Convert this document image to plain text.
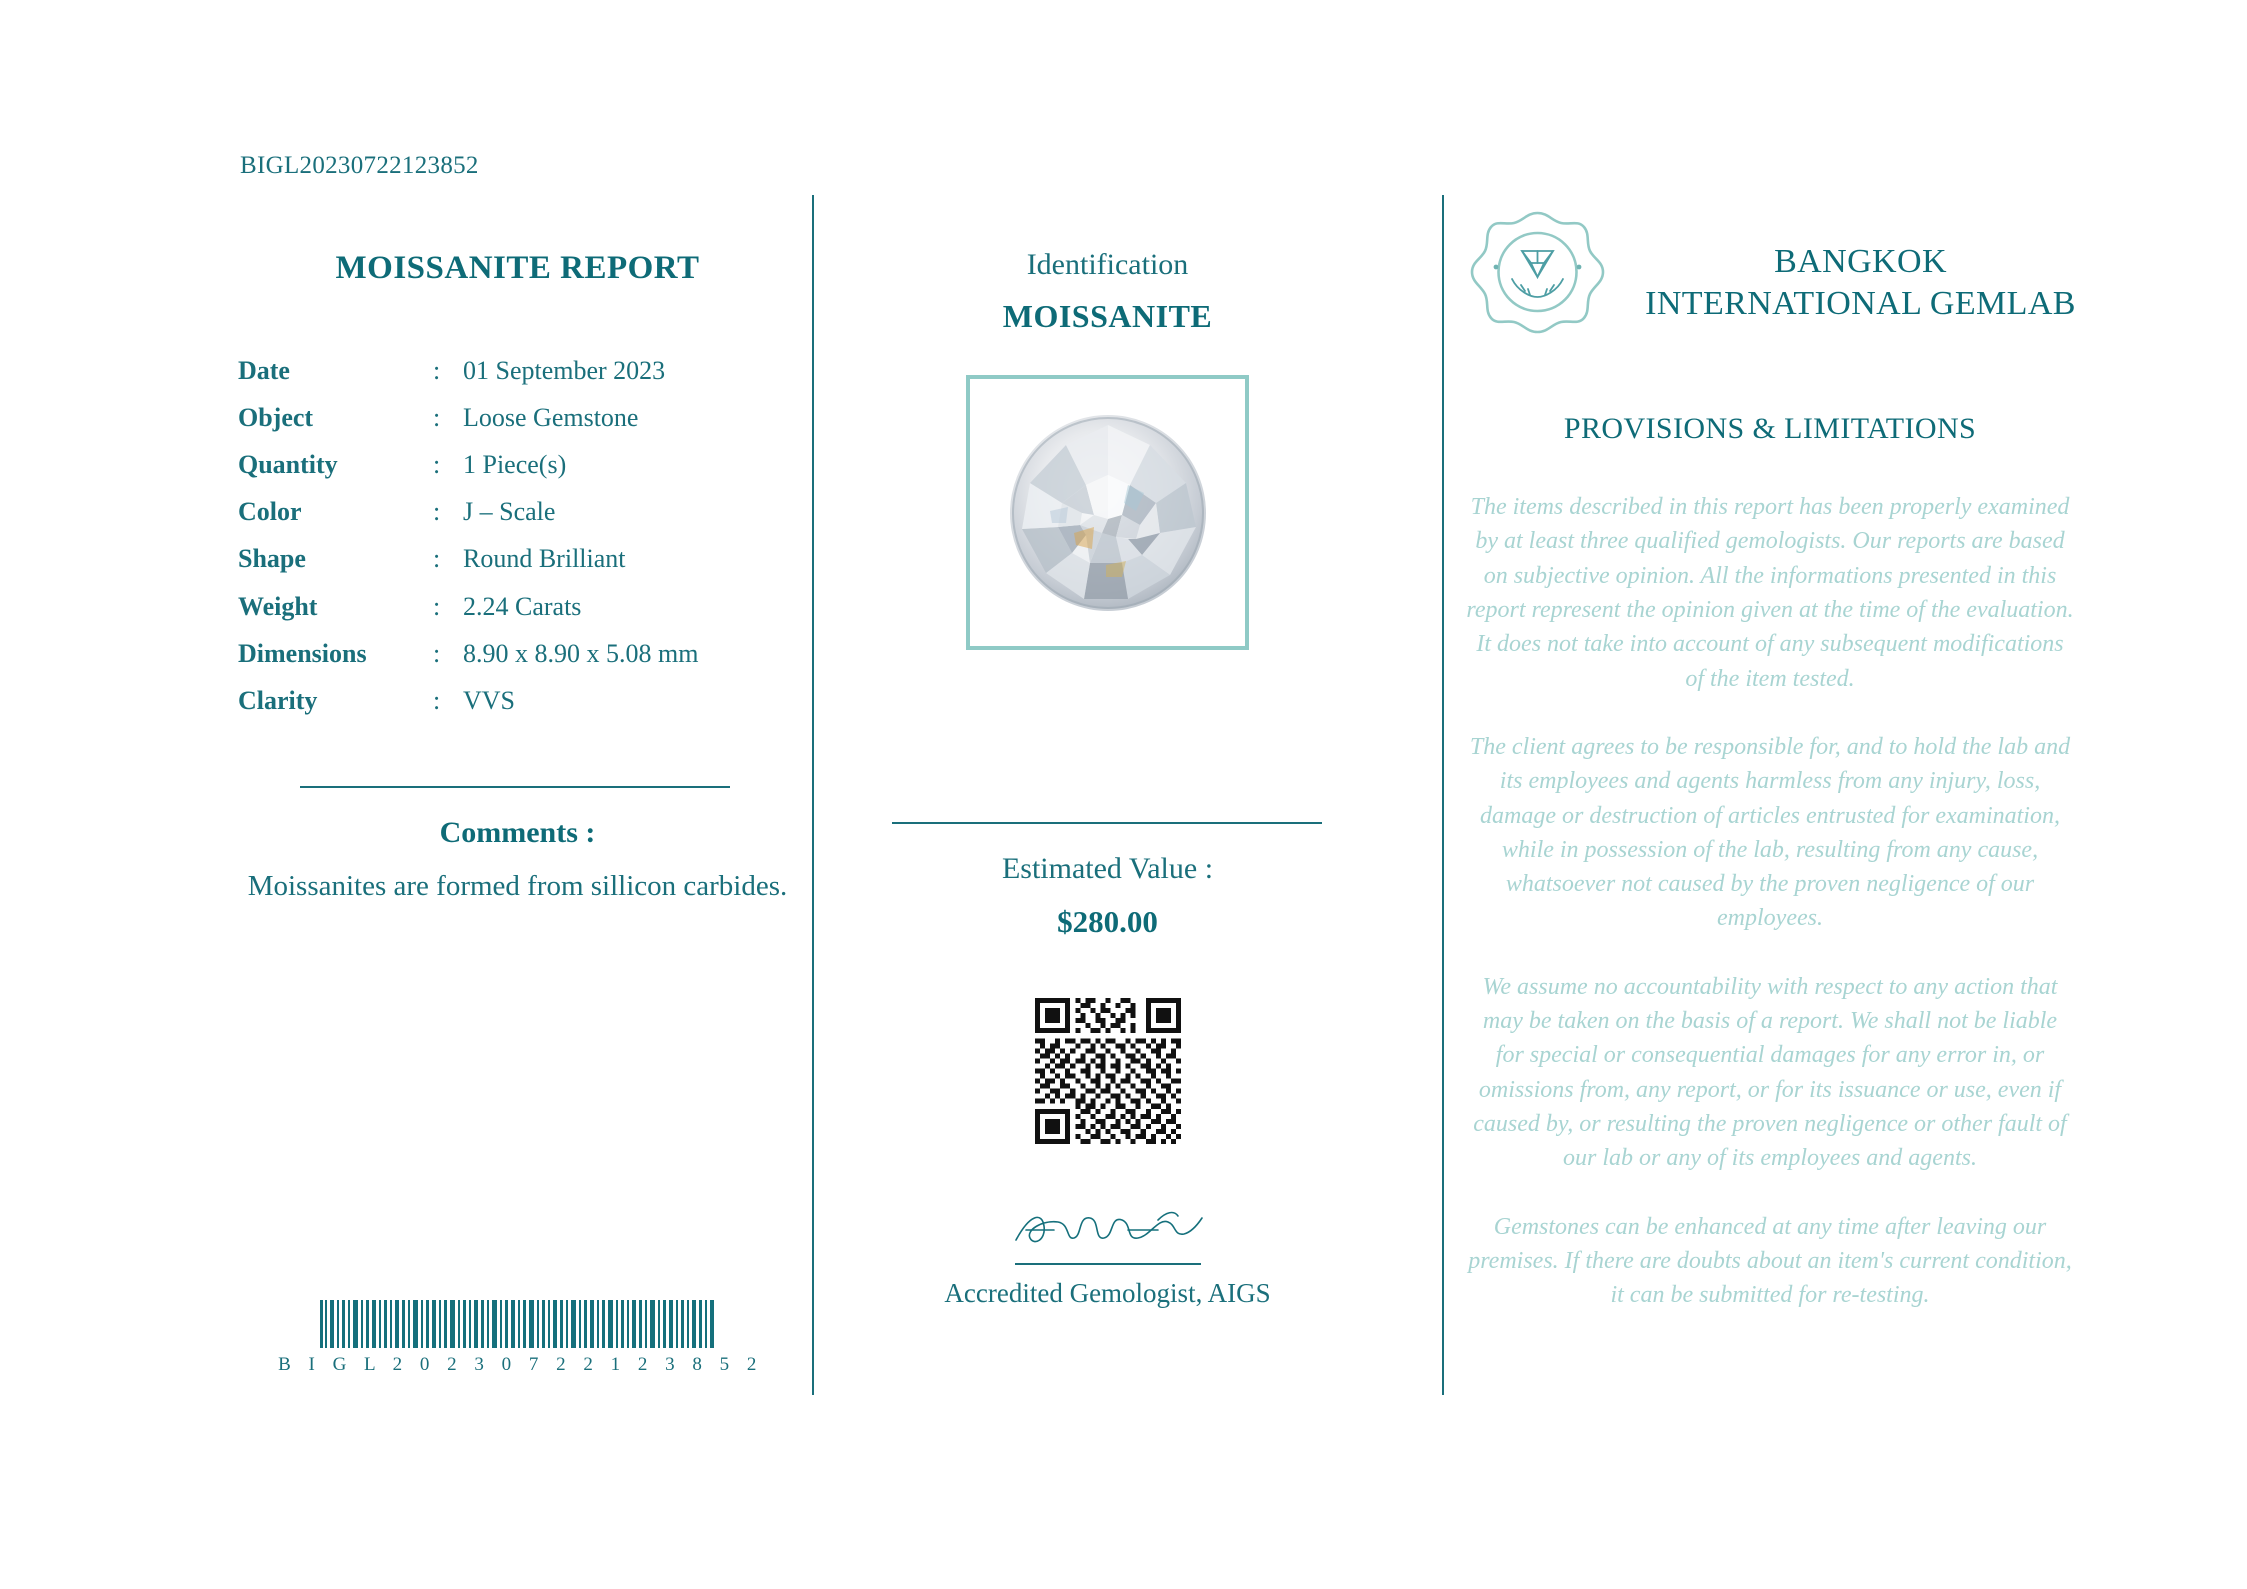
BIGL20230722123852
MOISSANITE REPORT
Date	:	01 September 2023
Object	:	Loose Gemstone
Quantity	:	1 Piece(s)
Color	:	J – Scale
Shape	:	Round Brilliant
Weight	:	2.24 Carats
Dimensions	:	8.90 x 8.90 x 5.08 mm
Clarity	:	VVS
Comments :
Moissanites are formed from sillicon carbides.
B I G L 2 0 2 3 0 7 2 2 1 2 3 8 5 2
Identification
MOISSANITE
Estimated Value :
$280.00
Accredited Gemologist, AIGS
BANGKOK INTERNATIONAL GEMLAB
PROVISIONS & LIMITATIONS

The items described in this report has been properly examined by at least three qualified gemologists. Our reports are based on subjective opinion. All the informations presented in this report represent the opinion given at the time of the evaluation. It does not take into account of any subsequent modifications of the item tested.

The client agrees to be responsible for, and to hold the lab and its employees and agents harmless from any injury, loss, damage or destruction of articles entrusted for examination, while in possession of the lab, resulting from any cause, whatsoever not caused by the proven negligence of our employees.

We assume no accountability with respect to any action that may be taken on the basis of a report. We shall not be liable for special or consequential damages for any error in, or omissions from, any report, or for its issuance or use, even if caused by, or resulting the proven negligence or other fault of our lab or any of its employees and agents.

Gemstones can be enhanced at any time after leaving our premises. If there are doubts about an item's current condition, it can be submitted for re-testing.
